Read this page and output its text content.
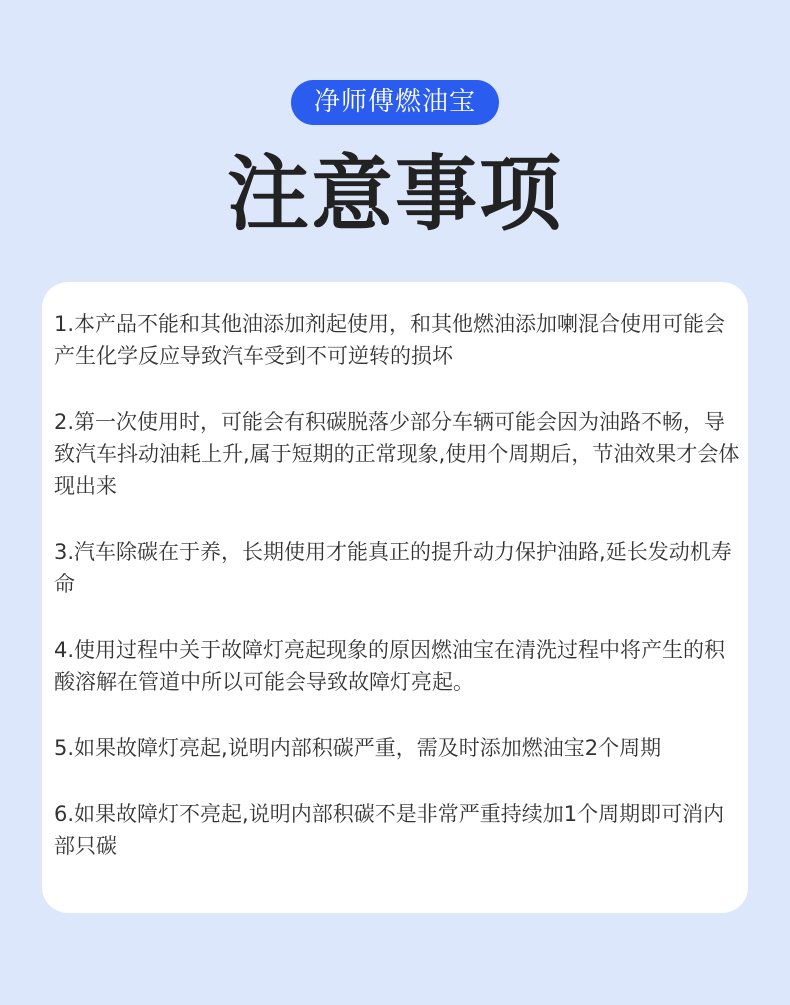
净师傅燃油宝
注意事项

1.本产品不能和其他油添加剂起使用，和其他燃油添加喇混合使用可能会产生化学反应导致汽车受到不可逆转的损坏

2.第一次使用时，可能会有积碳脱落少部分车辆可能会因为油路不畅，导致汽车抖动油耗上升,属于短期的正常现象,使用个周期后，节油效果才会体现出来

3.汽车除碳在于养，长期使用才能真正的提升动力保护油路,延长发动机寿命

4.使用过程中关于故障灯亮起现象的原因燃油宝在清洗过程中将产生的积酸溶解在管道中所以可能会导致故障灯亮起。

5.如果故障灯亮起,说明内部积碳严重，需及时添加燃油宝2个周期

6.如果故障灯不亮起,说明内部积碳不是非常严重持续加1个周期即可消内部只碳
